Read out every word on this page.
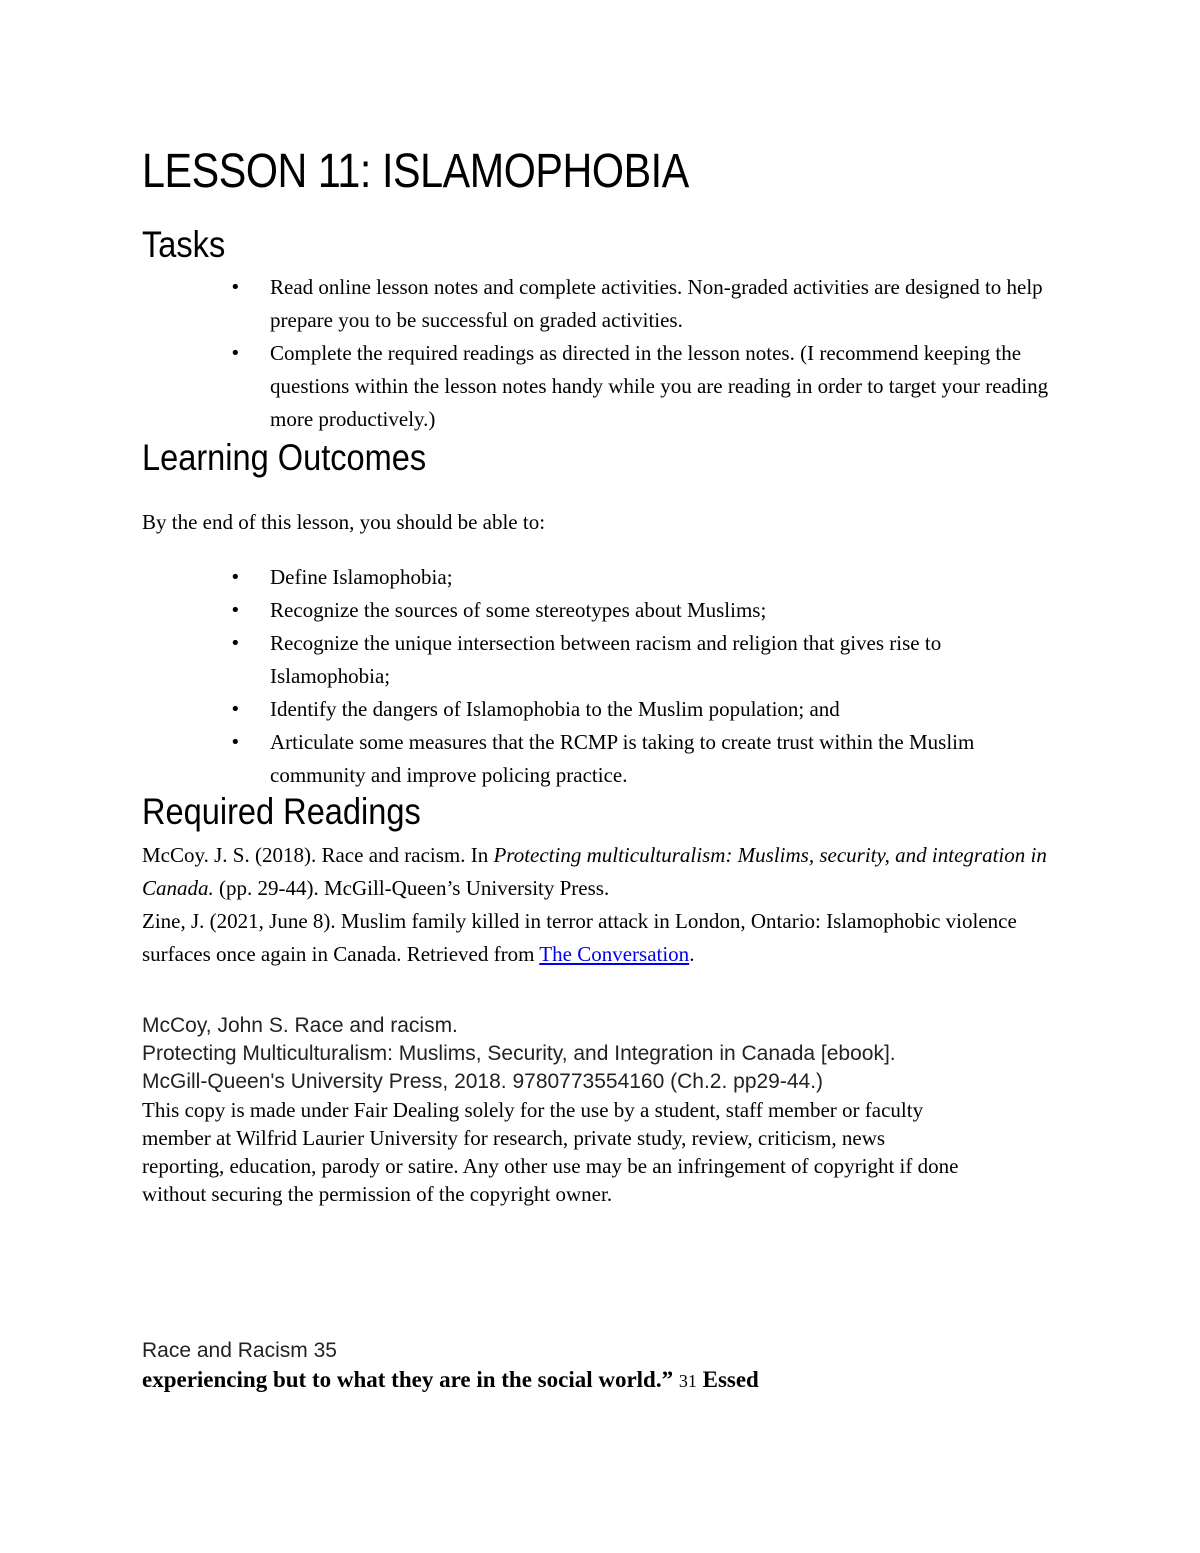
LESSON 11: ISLAMOPHOBIA
Tasks
• Read online lesson notes and complete activities. Non-graded activities are designed to help prepare you to be successful on graded activities.
• Complete the required readings as directed in the lesson notes. (I recommend keeping the questions within the lesson notes handy while you are reading in order to target your reading more productively.)
Learning Outcomes

By the end of this lesson, you should be able to:

• Define Islamophobia;
• Recognize the sources of some stereotypes about Muslims;
• Recognize the unique intersection between racism and religion that gives rise to Islamophobia;
• Identify the dangers of Islamophobia to the Muslim population; and
• Articulate some measures that the RCMP is taking to create trust within the Muslim community and improve policing practice.
Required Readings

McCoy. J. S. (2018). Race and racism. In Protecting multiculturalism: Muslims, security, and integration in Canada. (pp. 29-44). McGill-Queen’s University Press.

Zine, J. (2021, June 8). Muslim family killed in terror attack in London, Ontario: Islamophobic violence surfaces once again in Canada. Retrieved from The Conversation.

McCoy, John S. Race and racism.
Protecting Multiculturalism: Muslims, Security, and Integration in Canada [ebook].
McGill-Queen's University Press, 2018. 9780773554160 (Ch.2. pp29-44.)
This copy is made under Fair Dealing solely for the use by a student, staff member or faculty member at Wilfrid Laurier University for research, private study, review, criticism, news reporting, education, parody or satire. Any other use may be an infringement of copyright if done without securing the permission of the copyright owner.
Race and Racism 35
experiencing but to what they are in the social world.” 31 Essed
